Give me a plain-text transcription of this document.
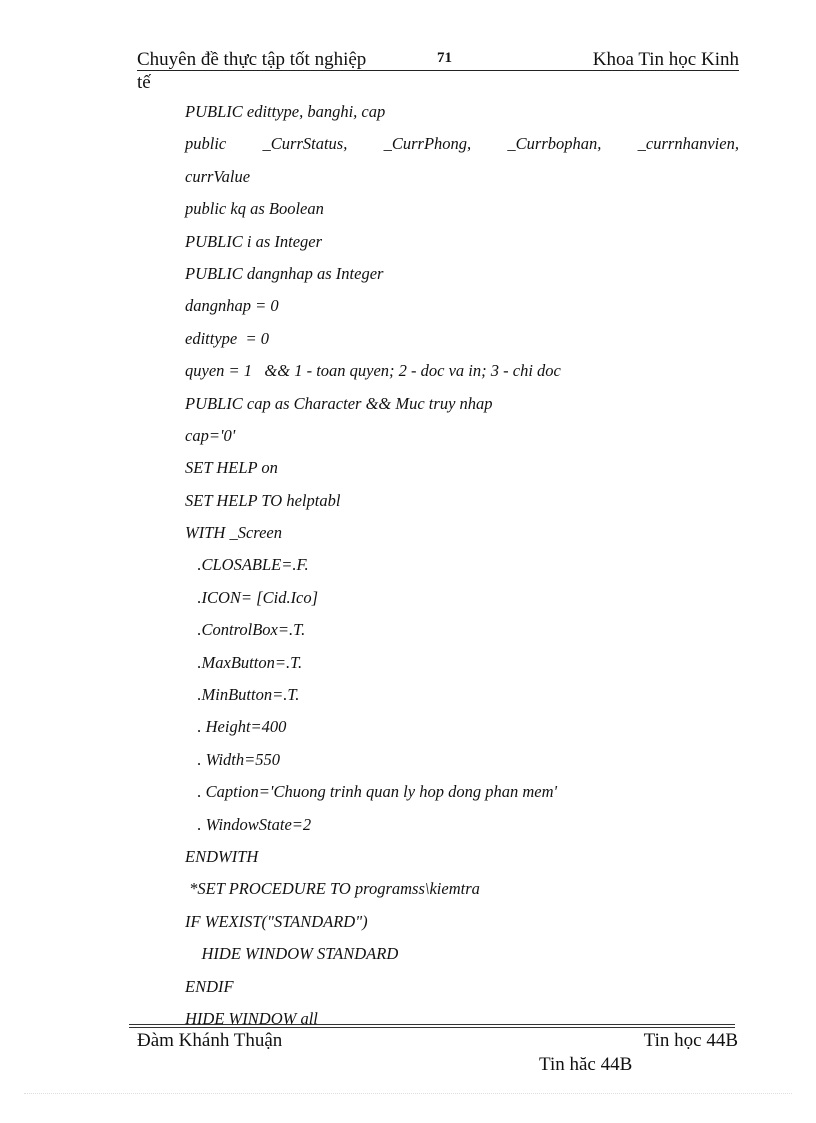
Chuyên đề thực tập tốt nghiệp	71	Khoa Tin học Kinh
tế
PUBLIC edittype, banghi, cap
public _CurrStatus, _CurrPhong, _Currbophan, _currnhanvien,
currValue
public kq as Boolean
PUBLIC i as Integer
PUBLIC dangnhap as Integer
dangnhap = 0
edittype  = 0
quyen = 1   && 1 - toan quyen; 2 - doc va in; 3 - chi doc
PUBLIC cap as Character && Muc truy nhap
cap='0'
SET HELP on
SET HELP TO helptabl
WITH _Screen
.CLOSABLE=.F.
.ICON= [Cid.Ico]
.ControlBox=.T.
.MaxButton=.T.
.MinButton=.T.
. Height=400
. Width=550
. Caption='Chuong trinh quan ly hop dong phan mem'
. WindowState=2
ENDWITH
*SET PROCEDURE TO programss\kiemtra
IF WEXIST("STANDARD")
HIDE WINDOW STANDARD
ENDIF
HIDE WINDOW all
Đàm Khánh Thuận	Tin học 44B
Tin hăc 44B
